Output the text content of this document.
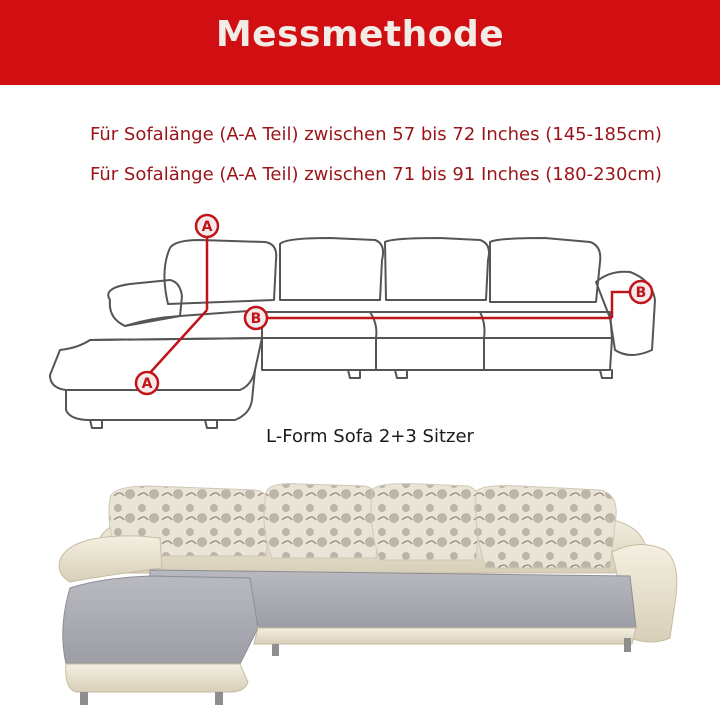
Messmethode
Für Sofalänge (A-A Teil) zwischen 57 bis 72 Inches (145-185cm)
Für Sofalänge (A-A Teil) zwischen 71 bis 91 Inches (180-230cm)
A
A
B
B
L-Form Sofa 2+3 Sitzer
